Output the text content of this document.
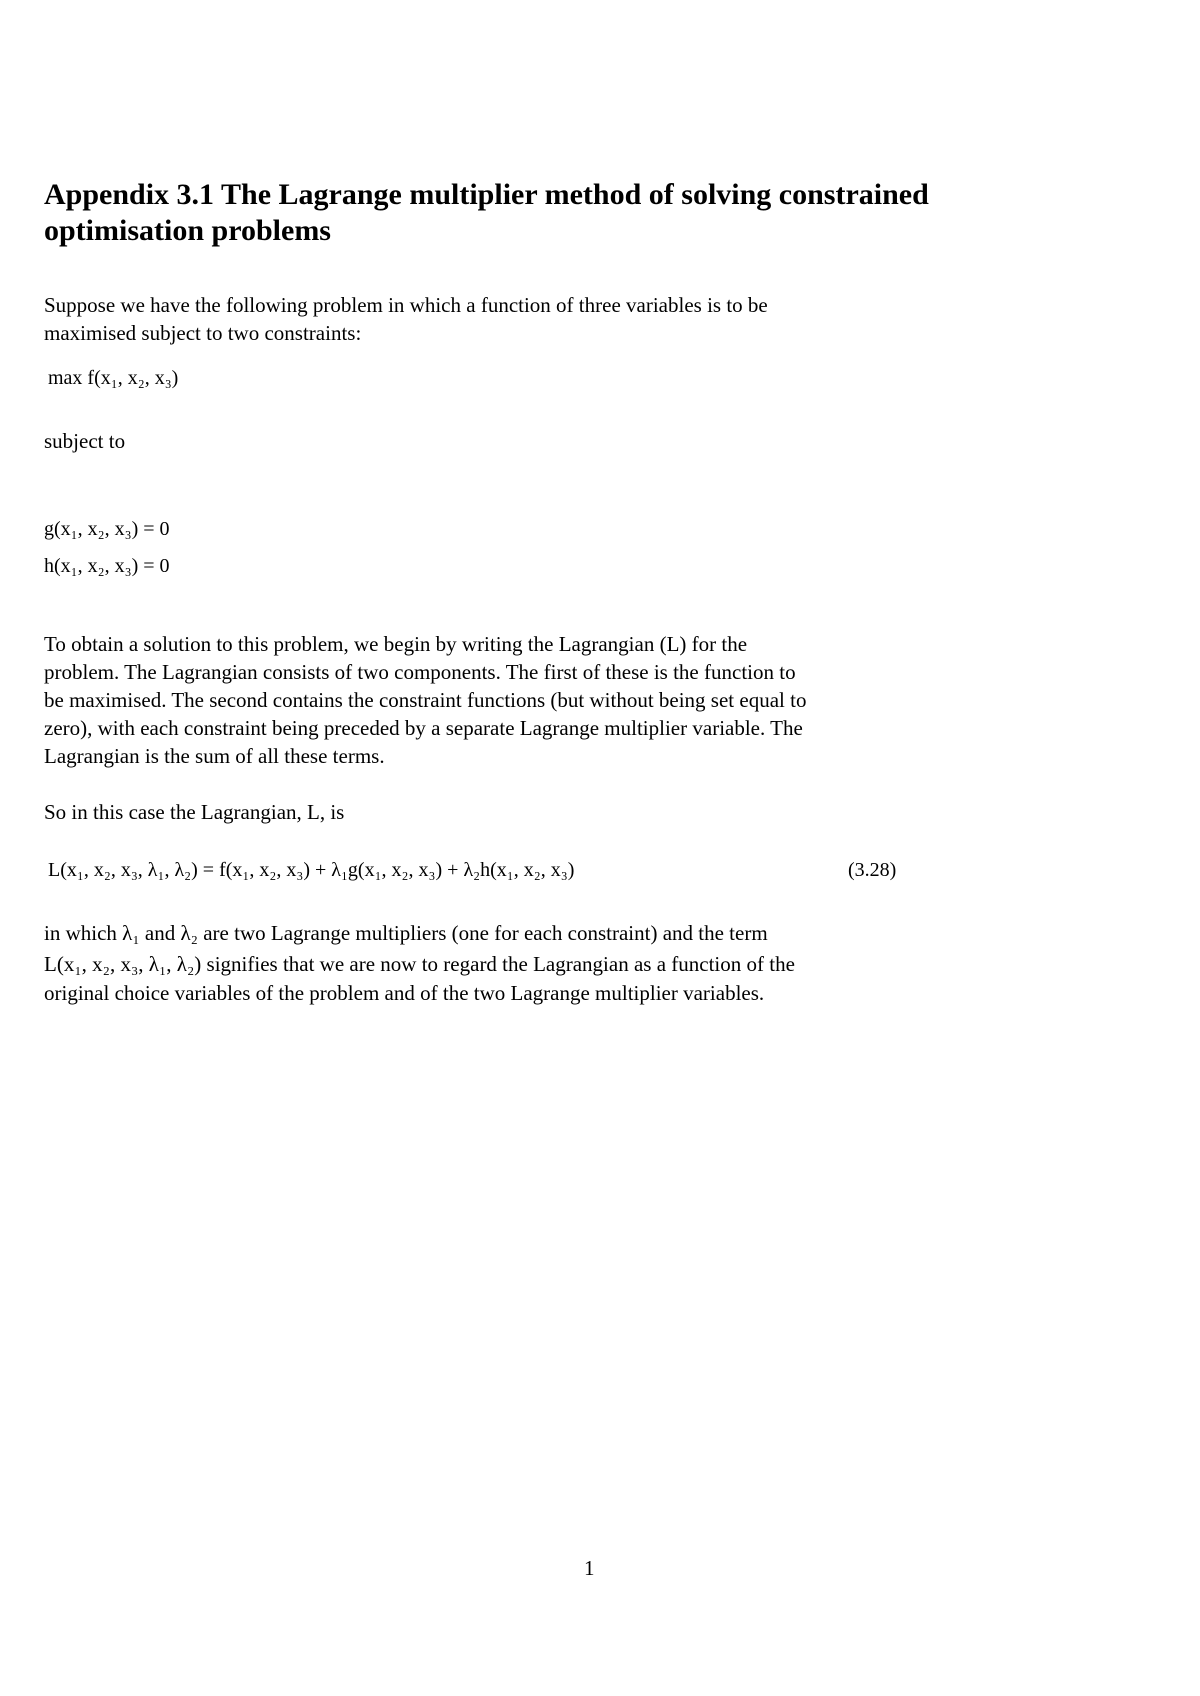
Appendix 3.1 The Lagrange multiplier method of solving constrained
optimisation problems
Suppose we have the following problem in which a function of three variables is to be
maximised subject to two constraints:
max f(x₁, x₂, x₃)
subject to
g(x₁, x₂, x₃) = 0
h(x₁, x₂, x₃) = 0
To obtain a solution to this problem, we begin by writing the Lagrangian (L) for the
problem. The Lagrangian consists of two components. The first of these is the function to
be maximised. The second contains the constraint functions (but without being set equal to
zero), with each constraint being preceded by a separate Lagrange multiplier variable. The
Lagrangian is the sum of all these terms.
So in this case the Lagrangian, L, is
L(x₁, x₂, x₃, λ₁, λ₂) = f(x₁, x₂, x₃) + λ₁g(x₁, x₂, x₃) + λ₂h(x₁, x₂, x₃)	(3.28)
in which λ₁ and λ₂ are two Lagrange multipliers (one for each constraint) and the term
L(x₁, x₂, x₃, λ₁, λ₂) signifies that we are now to regard the Lagrangian as a function of the
original choice variables of the problem and of the two Lagrange multiplier variables.
1
